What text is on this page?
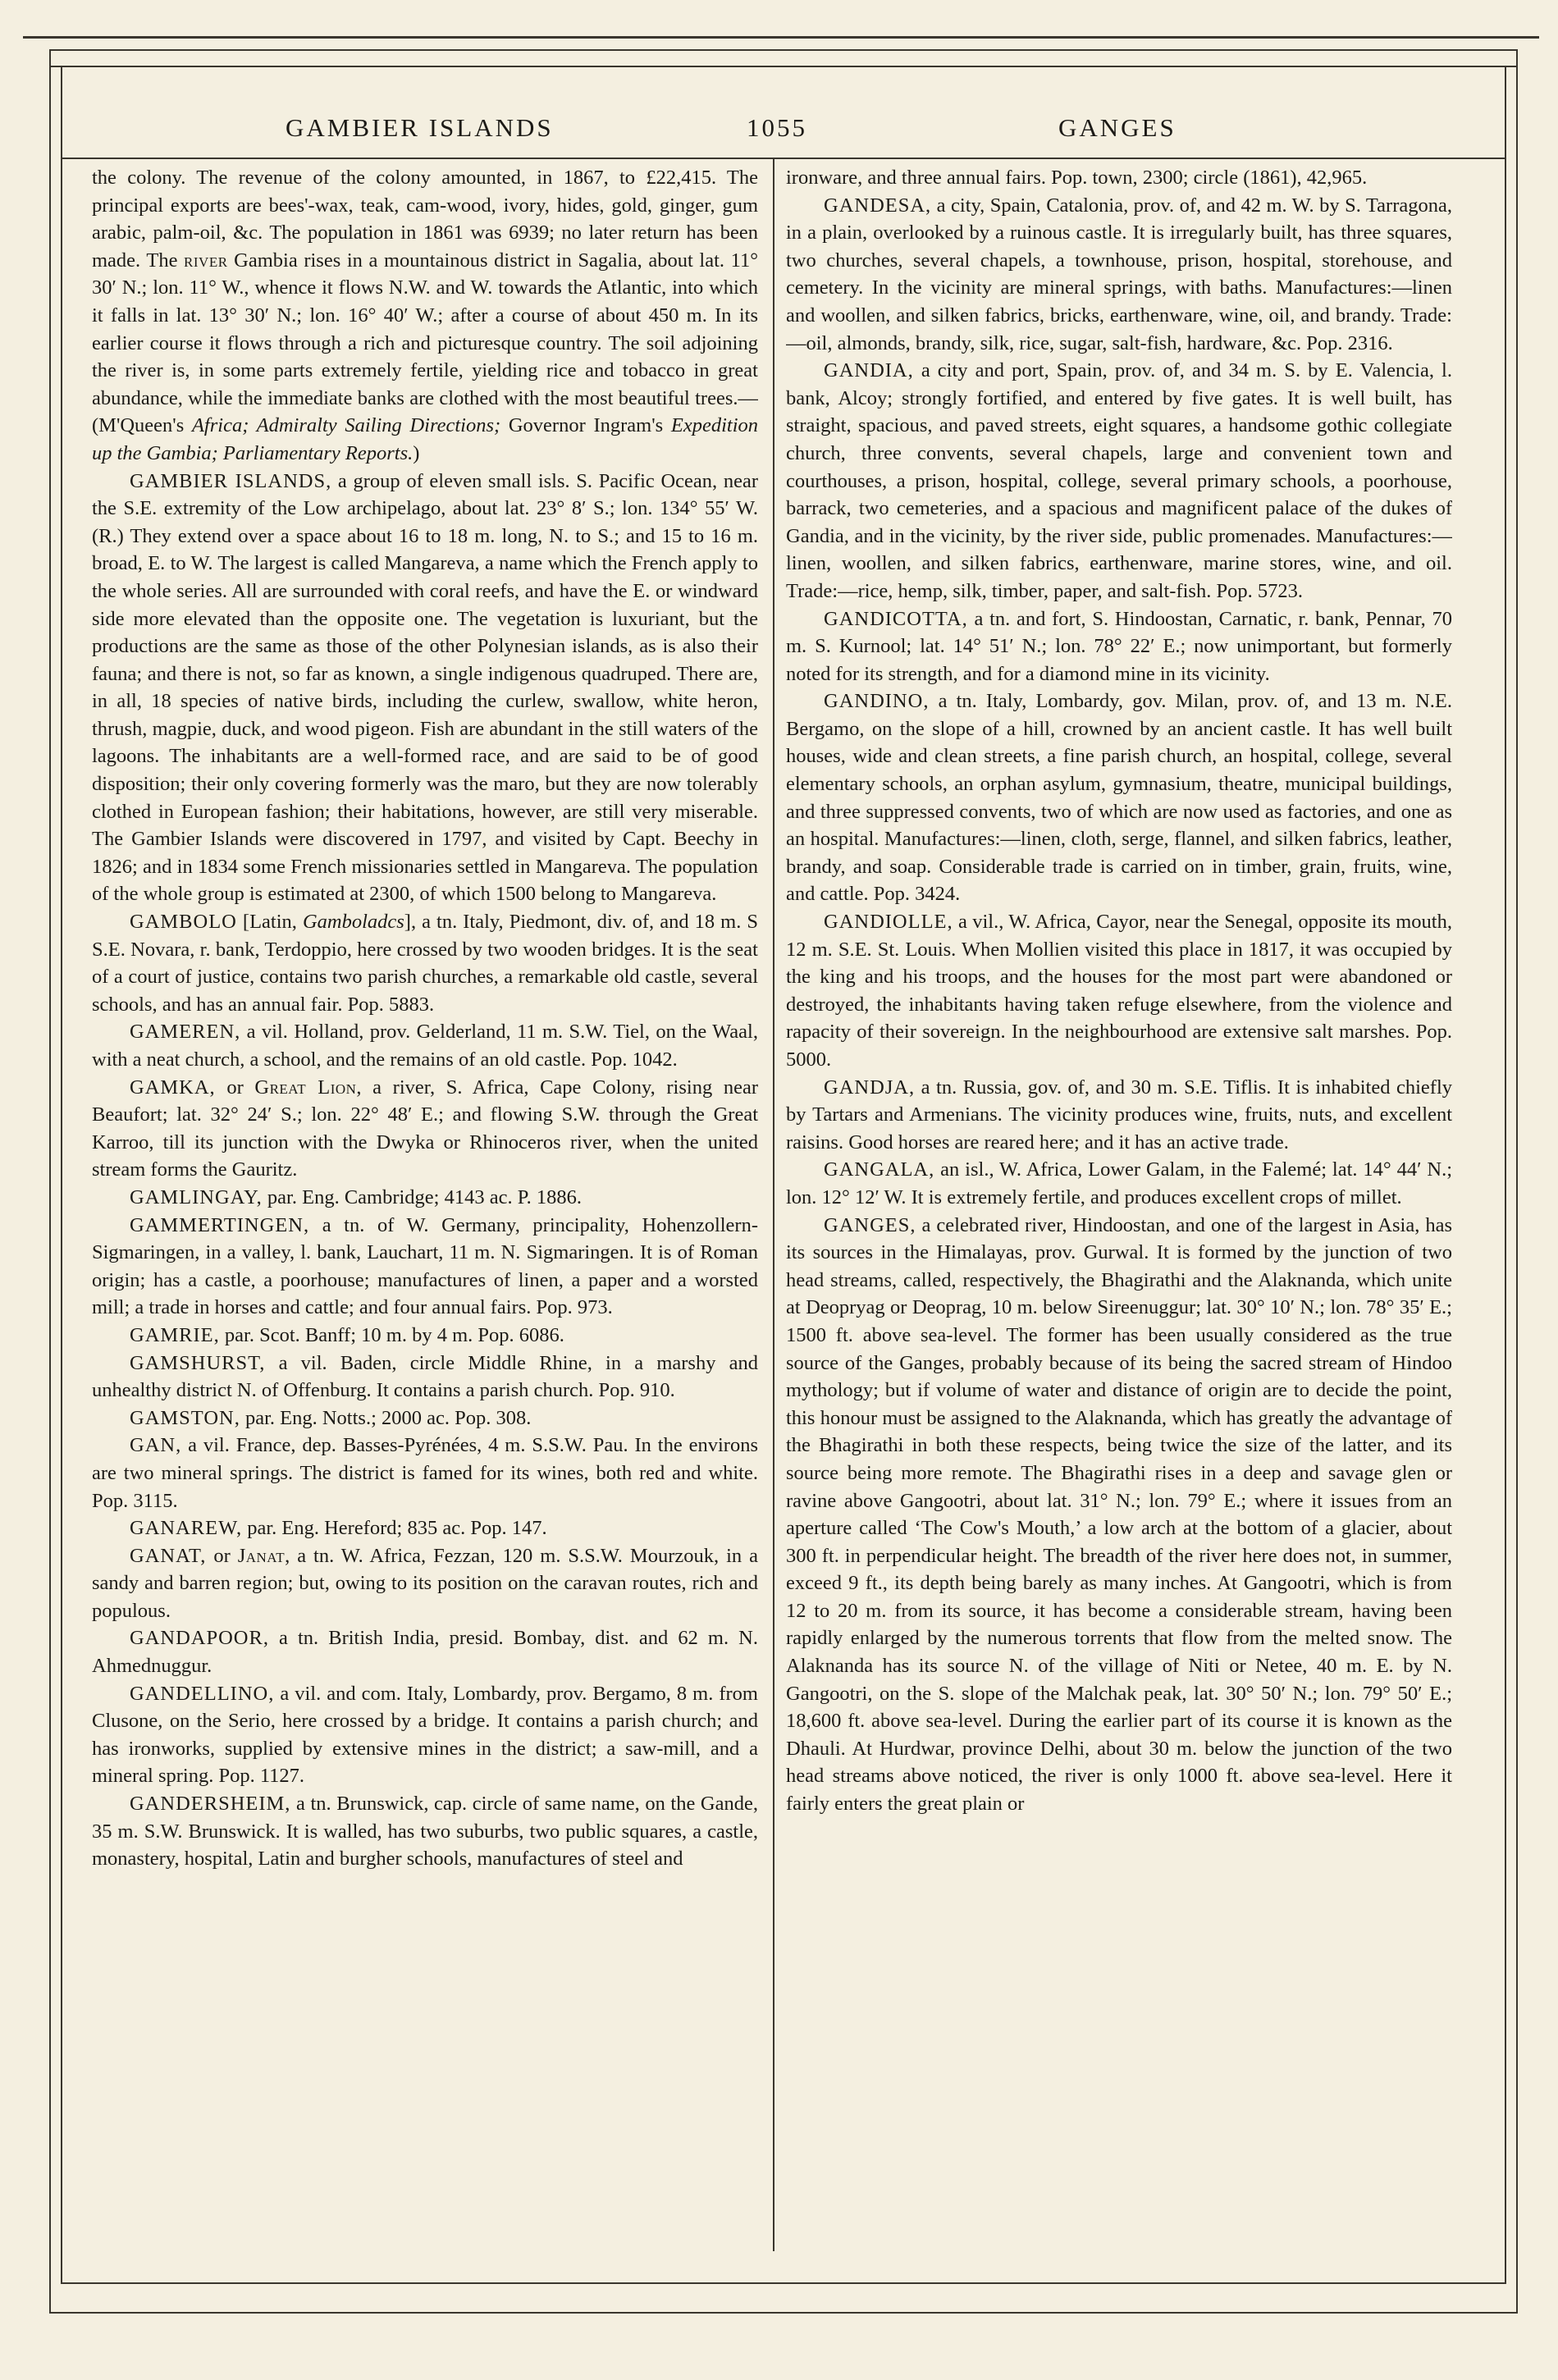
GAMBIER ISLANDS	1055	GANGES

the colony. The revenue of the colony amounted, in 1867, to £22,415. The principal exports are bees'-wax, teak, cam-wood, ivory, hides, gold, ginger, gum arabic, palm-oil, &c. The population in 1861 was 6939; no later return has been made. The river Gambia rises in a mountainous district in Sagalia, about lat. 11° 30′ N.; lon. 11° W., whence it flows N.W. and W. towards the Atlantic, into which it falls in lat. 13° 30′ N.; lon. 16° 40′ W.; after a course of about 450 m. In its earlier course it flows through a rich and picturesque country. The soil adjoining the river is, in some parts extremely fertile, yielding rice and tobacco in great abundance, while the immediate banks are clothed with the most beautiful trees.—(M'Queen's Africa; Admiralty Sailing Directions; Governor Ingram's Expedition up the Gambia; Parliamentary Reports.)

GAMBIER ISLANDS, a group of eleven small isls. S. Pacific Ocean, near the S.E. extremity of the Low archipelago, about lat. 23° 8′ S.; lon. 134° 55′ W. (R.) They extend over a space about 16 to 18 m. long, N. to S.; and 15 to 16 m. broad, E. to W. The largest is called Mangareva, a name which the French apply to the whole series. All are surrounded with coral reefs, and have the E. or windward side more elevated than the opposite one. The vegetation is luxuriant, but the productions are the same as those of the other Polynesian islands, as is also their fauna; and there is not, so far as known, a single indigenous quadruped. There are, in all, 18 species of native birds, including the curlew, swallow, white heron, thrush, magpie, duck, and wood pigeon. Fish are abundant in the still waters of the lagoons. The inhabitants are a well-formed race, and are said to be of good disposition; their only covering formerly was the maro, but they are now tolerably clothed in European fashion; their habitations, however, are still very miserable. The Gambier Islands were discovered in 1797, and visited by Capt. Beechy in 1826; and in 1834 some French missionaries settled in Mangareva. The population of the whole group is estimated at 2300, of which 1500 belong to Mangareva.

GAMBOLO [Latin, Gamboladcs], a tn. Italy, Piedmont, div. of, and 18 m. S S.E. Novara, r. bank, Terdoppio, here crossed by two wooden bridges. It is the seat of a court of justice, contains two parish churches, a remarkable old castle, several schools, and has an annual fair. Pop. 5883.

GAMEREN, a vil. Holland, prov. Gelderland, 11 m. S.W. Tiel, on the Waal, with a neat church, a school, and the remains of an old castle. Pop. 1042.

GAMKA, or Great Lion, a river, S. Africa, Cape Colony, rising near Beaufort; lat. 32° 24′ S.; lon. 22° 48′ E.; and flowing S.W. through the Great Karroo, till its junction with the Dwyka or Rhinoceros river, when the united stream forms the Gauritz.

GAMLINGAY, par. Eng. Cambridge; 4143 ac. P. 1886.

GAMMERTINGEN, a tn. of W. Germany, principality, Hohenzollern-Sigmaringen, in a valley, l. bank, Lauchart, 11 m. N. Sigmaringen. It is of Roman origin; has a castle, a poorhouse; manufactures of linen, a paper and a worsted mill; a trade in horses and cattle; and four annual fairs. Pop. 973.

GAMRIE, par. Scot. Banff; 10 m. by 4 m. Pop. 6086.

GAMSHURST, a vil. Baden, circle Middle Rhine, in a marshy and unhealthy district N. of Offenburg. It contains a parish church. Pop. 910.

GAMSTON, par. Eng. Notts.; 2000 ac. Pop. 308.

GAN, a vil. France, dep. Basses-Pyrénées, 4 m. S.S.W. Pau. In the environs are two mineral springs. The district is famed for its wines, both red and white. Pop. 3115.

GANAREW, par. Eng. Hereford; 835 ac. Pop. 147.

GANAT, or Janat, a tn. W. Africa, Fezzan, 120 m. S.S.W. Mourzouk, in a sandy and barren region; but, owing to its position on the caravan routes, rich and populous.

GANDAPOOR, a tn. British India, presid. Bombay, dist. and 62 m. N. Ahmednuggur.

GANDELLINO, a vil. and com. Italy, Lombardy, prov. Bergamo, 8 m. from Clusone, on the Serio, here crossed by a bridge. It contains a parish church; and has ironworks, supplied by extensive mines in the district; a saw-mill, and a mineral spring. Pop. 1127.

GANDERSHEIM, a tn. Brunswick, cap. circle of same name, on the Gande, 35 m. S.W. Brunswick. It is walled, has two suburbs, two public squares, a castle, monastery, hospital, Latin and burgher schools, manufactures of steel and

ironware, and three annual fairs. Pop. town, 2300; circle (1861), 42,965.

GANDESA, a city, Spain, Catalonia, prov. of, and 42 m. W. by S. Tarragona, in a plain, overlooked by a ruinous castle. It is irregularly built, has three squares, two churches, several chapels, a townhouse, prison, hospital, storehouse, and cemetery. In the vicinity are mineral springs, with baths. Manufactures:—linen and woollen, and silken fabrics, bricks, earthenware, wine, oil, and brandy. Trade:—oil, almonds, brandy, silk, rice, sugar, salt-fish, hardware, &c. Pop. 2316.

GANDIA, a city and port, Spain, prov. of, and 34 m. S. by E. Valencia, l. bank, Alcoy; strongly fortified, and entered by five gates. It is well built, has straight, spacious, and paved streets, eight squares, a handsome gothic collegiate church, three convents, several chapels, large and convenient town and courthouses, a prison, hospital, college, several primary schools, a poorhouse, barrack, two cemeteries, and a spacious and magnificent palace of the dukes of Gandia, and in the vicinity, by the river side, public promenades. Manufactures:—linen, woollen, and silken fabrics, earthenware, marine stores, wine, and oil. Trade:—rice, hemp, silk, timber, paper, and salt-fish. Pop. 5723.

GANDICOTTA, a tn. and fort, S. Hindoostan, Carnatic, r. bank, Pennar, 70 m. S. Kurnool; lat. 14° 51′ N.; lon. 78° 22′ E.; now unimportant, but formerly noted for its strength, and for a diamond mine in its vicinity.

GANDINO, a tn. Italy, Lombardy, gov. Milan, prov. of, and 13 m. N.E. Bergamo, on the slope of a hill, crowned by an ancient castle. It has well built houses, wide and clean streets, a fine parish church, an hospital, college, several elementary schools, an orphan asylum, gymnasium, theatre, municipal buildings, and three suppressed convents, two of which are now used as factories, and one as an hospital. Manufactures:—linen, cloth, serge, flannel, and silken fabrics, leather, brandy, and soap. Considerable trade is carried on in timber, grain, fruits, wine, and cattle. Pop. 3424.

GANDIOLLE, a vil., W. Africa, Cayor, near the Senegal, opposite its mouth, 12 m. S.E. St. Louis. When Mollien visited this place in 1817, it was occupied by the king and his troops, and the houses for the most part were abandoned or destroyed, the inhabitants having taken refuge elsewhere, from the violence and rapacity of their sovereign. In the neighbourhood are extensive salt marshes. Pop. 5000.

GANDJA, a tn. Russia, gov. of, and 30 m. S.E. Tiflis. It is inhabited chiefly by Tartars and Armenians. The vicinity produces wine, fruits, nuts, and excellent raisins. Good horses are reared here; and it has an active trade.

GANGALA, an isl., W. Africa, Lower Galam, in the Falemé; lat. 14° 44′ N.; lon. 12° 12′ W. It is extremely fertile, and produces excellent crops of millet.

GANGES, a celebrated river, Hindoostan, and one of the largest in Asia, has its sources in the Himalayas, prov. Gurwal. It is formed by the junction of two head streams, called, respectively, the Bhagirathi and the Alaknanda, which unite at Deopryag or Deoprag, 10 m. below Sireenuggur; lat. 30° 10′ N.; lon. 78° 35′ E.; 1500 ft. above sea-level. The former has been usually considered as the true source of the Ganges, probably because of its being the sacred stream of Hindoo mythology; but if volume of water and distance of origin are to decide the point, this honour must be assigned to the Alaknanda, which has greatly the advantage of the Bhagirathi in both these respects, being twice the size of the latter, and its source being more remote. The Bhagirathi rises in a deep and savage glen or ravine above Gangootri, about lat. 31° N.; lon. 79° E.; where it issues from an aperture called ‘The Cow's Mouth,’ a low arch at the bottom of a glacier, about 300 ft. in perpendicular height. The breadth of the river here does not, in summer, exceed 9 ft., its depth being barely as many inches. At Gangootri, which is from 12 to 20 m. from its source, it has become a considerable stream, having been rapidly enlarged by the numerous torrents that flow from the melted snow. The Alaknanda has its source N. of the village of Niti or Netee, 40 m. E. by N. Gangootri, on the S. slope of the Malchak peak, lat. 30° 50′ N.; lon. 79° 50′ E.; 18,600 ft. above sea-level. During the earlier part of its course it is known as the Dhauli. At Hurdwar, province Delhi, about 30 m. below the junction of the two head streams above noticed, the river is only 1000 ft. above sea-level. Here it fairly enters the great plain or
